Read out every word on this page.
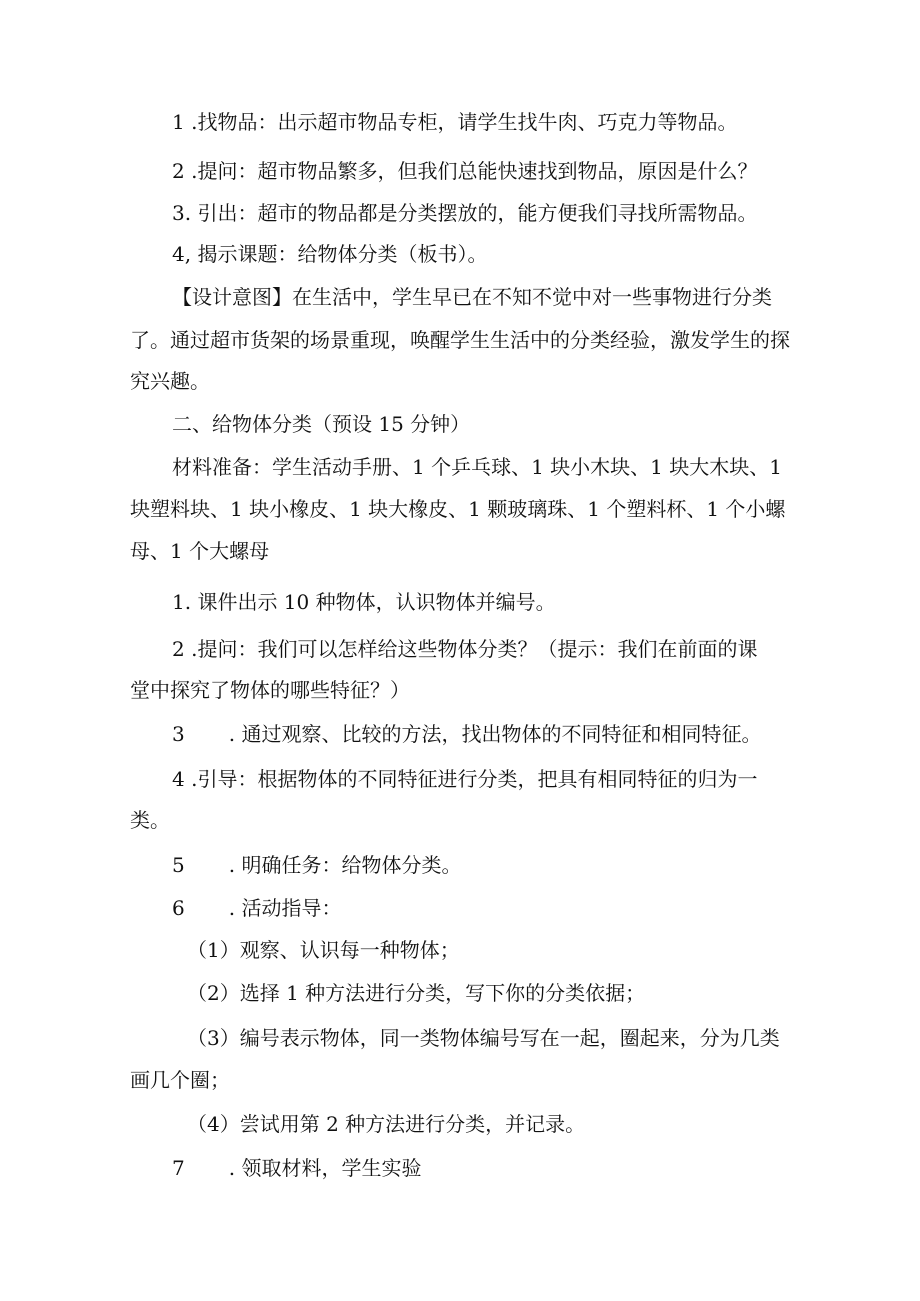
1 .找物品：出示超市物品专柜，请学生找牛肉、巧克力等物品。
2 .提问：超市物品繁多，但我们总能快速找到物品，原因是什么？
3. 引出：超市的物品都是分类摆放的，能方便我们寻找所需物品。
4, 揭示课题：给物体分类（板书）。
【设计意图】在生活中，学生早已在不知不觉中对一些事物进行分类
了。通过超市货架的场景重现，唤醒学生生活中的分类经验，激发学生的探
究兴趣。
二、给物体分类（预设 15 分钟）
材料准备：学生活动手册、1 个乒乓球、1 块小木块、1 块大木块、1
块塑料块、1 块小橡皮、1 块大橡皮、1 颗玻璃珠、1 个塑料杯、1 个小螺
母、1 个大螺母
1. 课件出示 10 种物体，认识物体并编号。
2 .提问：我们可以怎样给这些物体分类？（提示：我们在前面的课
堂中探究了物体的哪些特征？）
3 . 通过观察、比较的方法，找出物体的不同特征和相同特征。
4 .引导：根据物体的不同特征进行分类，把具有相同特征的归为一
类。
5 . 明确任务：给物体分类。
6 . 活动指导：
（1）观察、认识每一种物体；
（2）选择 1 种方法进行分类，写下你的分类依据；
（3）编号表示物体，同一类物体编号写在一起，圈起来，分为几类
画几个圈；
（4）尝试用第 2 种方法进行分类，并记录。
7 . 领取材料，学生实验
